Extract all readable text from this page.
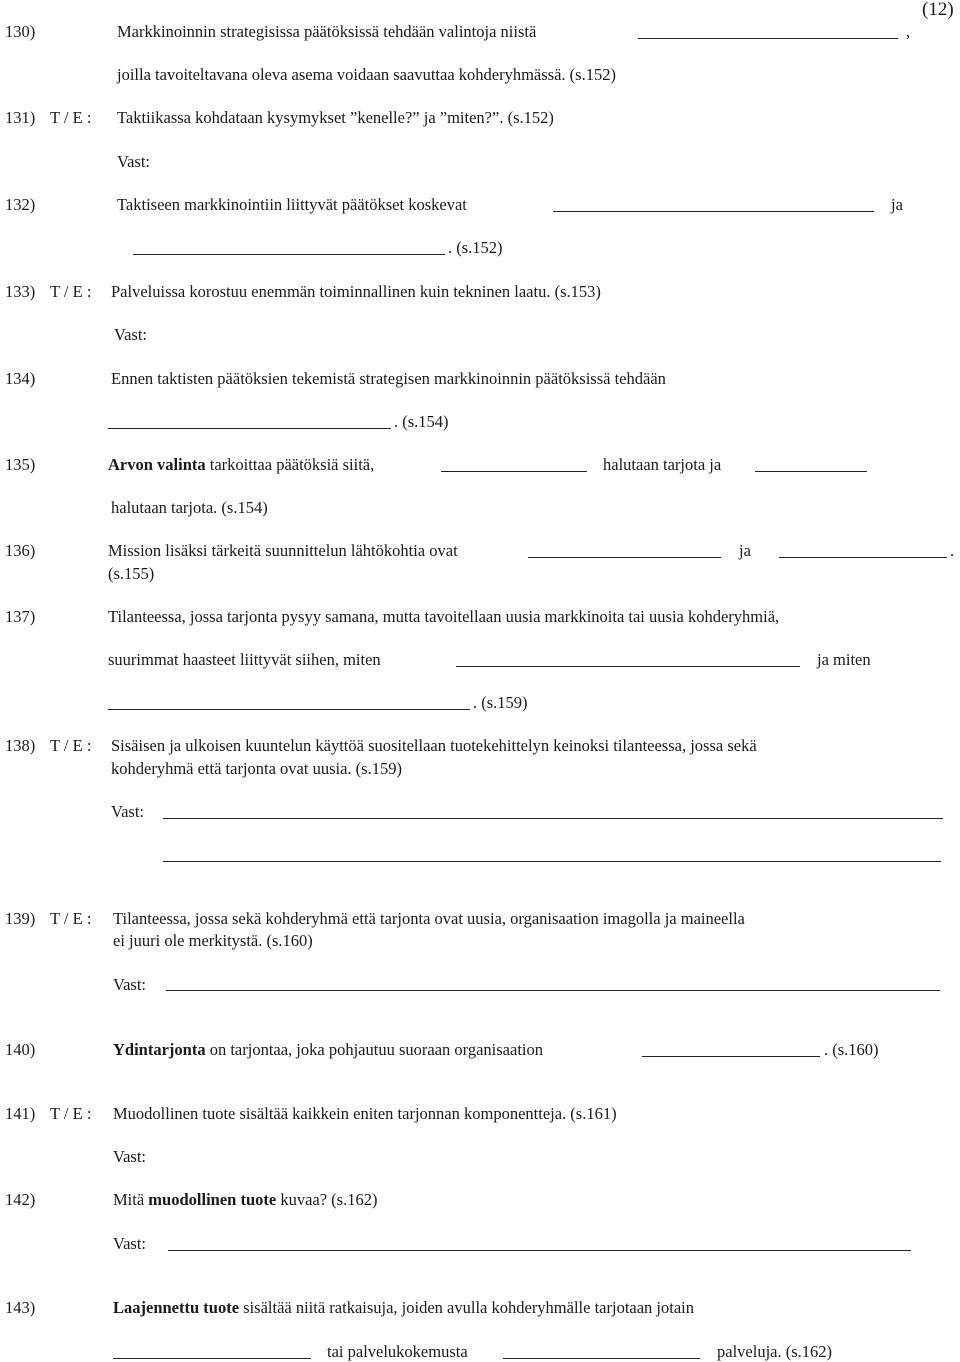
(12)
130)	Markkinoinnin strategisissa päätöksissä tehdään valintoja niistä	,
joilla tavoiteltavana oleva asema voidaan saavuttaa kohderyhmässä. (s.152)
131) T / E : Taktiikassa kohdataan kysymykset ”kenelle?” ja ”miten?”. (s.152)
Vast:
132)	Taktiseen markkinointiin liittyvät päätökset koskevat	ja
. (s.152)
133) T / E : Palveluissa korostuu enemmän toiminnallinen kuin tekninen laatu. (s.153)
Vast:
134)	Ennen taktisten päätöksien tekemistä strategisen markkinoinnin päätöksissä tehdään
. (s.154)
135)	Arvon valinta tarkoittaa päätöksiä siitä,	halutaan tarjota ja
halutaan tarjota. (s.154)
136)	Mission lisäksi tärkeitä suunnittelun lähtökohtia ovat	ja	.
(s.155)
137)	Tilanteessa, jossa tarjonta pysyy samana, mutta tavoitellaan uusia markkinoita tai uusia kohderyhmiä,
suurimmat haasteet liittyvät siihen, miten	ja miten
. (s.159)
138) T / E : Sisäisen ja ulkoisen kuuntelun käyttöä suositellaan tuotekehittelyn keinoksi tilanteessa, jossa sekä
kohderyhmä että tarjonta ovat uusia. (s.159)
Vast:
139) T / E : Tilanteessa, jossa sekä kohderyhmä että tarjonta ovat uusia, organisaation imagolla ja maineella
ei juuri ole merkitystä. (s.160)
Vast:
140)	Ydintarjonta on tarjontaa, joka pohjautuu suoraan organisaation	. (s.160)
141) T / E : Muodollinen tuote sisältää kaikkein eniten tarjonnan komponentteja. (s.161)
Vast:
142)	Mitä muodollinen tuote kuvaa? (s.162)
Vast:
143)	Laajennettu tuote sisältää niitä ratkaisuja, joiden avulla kohderyhmälle tarjotaan jotain
tai palvelukokemusta	palveluja. (s.162)
